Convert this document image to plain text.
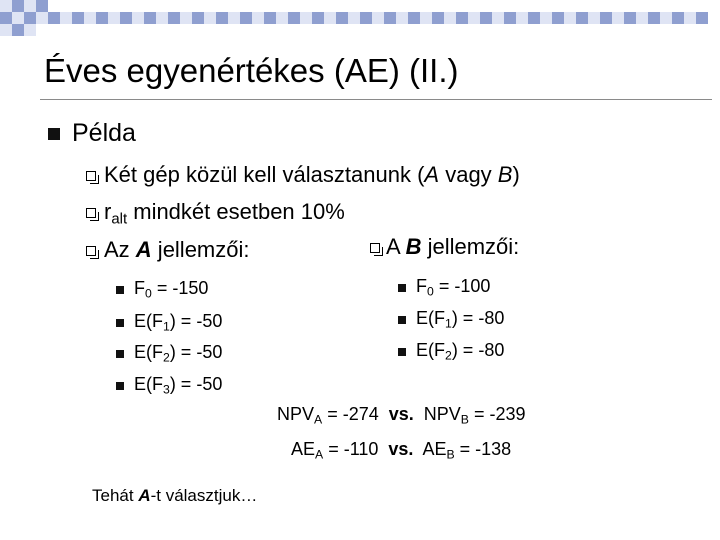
Éves egyenértékes (AE) (II.)
Példa
Két gép közül kell választanunk (A vagy B)
$r_{alt}$ mindkét esetben 10%
Az A jellemzői:	A B jellemzői:
$F_0 = -150$
$E(F_1) = -50$
$E(F_2) = -50$
$E(F_3) = -50$
$F_0 = -100$
$E(F_1) = -80$
$E(F_2) = -80$
$NPV_A = -274$  vs.  $NPV_B = -239$
$AE_A = -110$  vs.  $AE_B = -138$
Tehát A-t választjuk…
